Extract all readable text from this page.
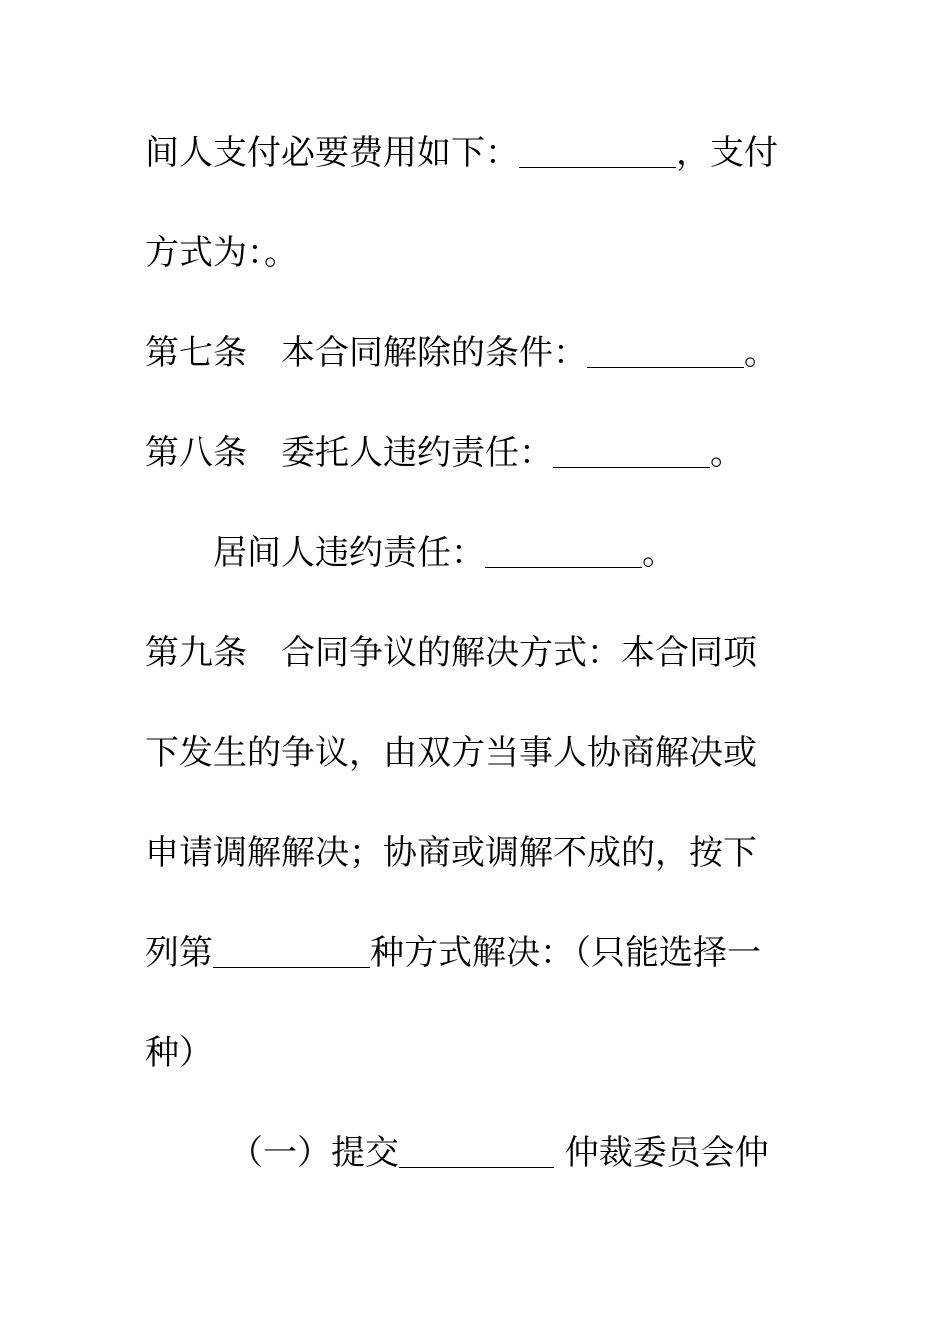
间人支付必要费用如下：	，支付
方式为：。
第七条 本合同解除的条件：	。
第八条 委托人违约责任：	。
居间人违约责任：	。
第九条 合同争议的解决方式：本合同项
下发生的争议，由双方当事人协商解决或
申请调解解决；协商或调解不成的，按下
列第	种方式解决：（只能选择一
种）
（一）提交	仲裁委员会仲
